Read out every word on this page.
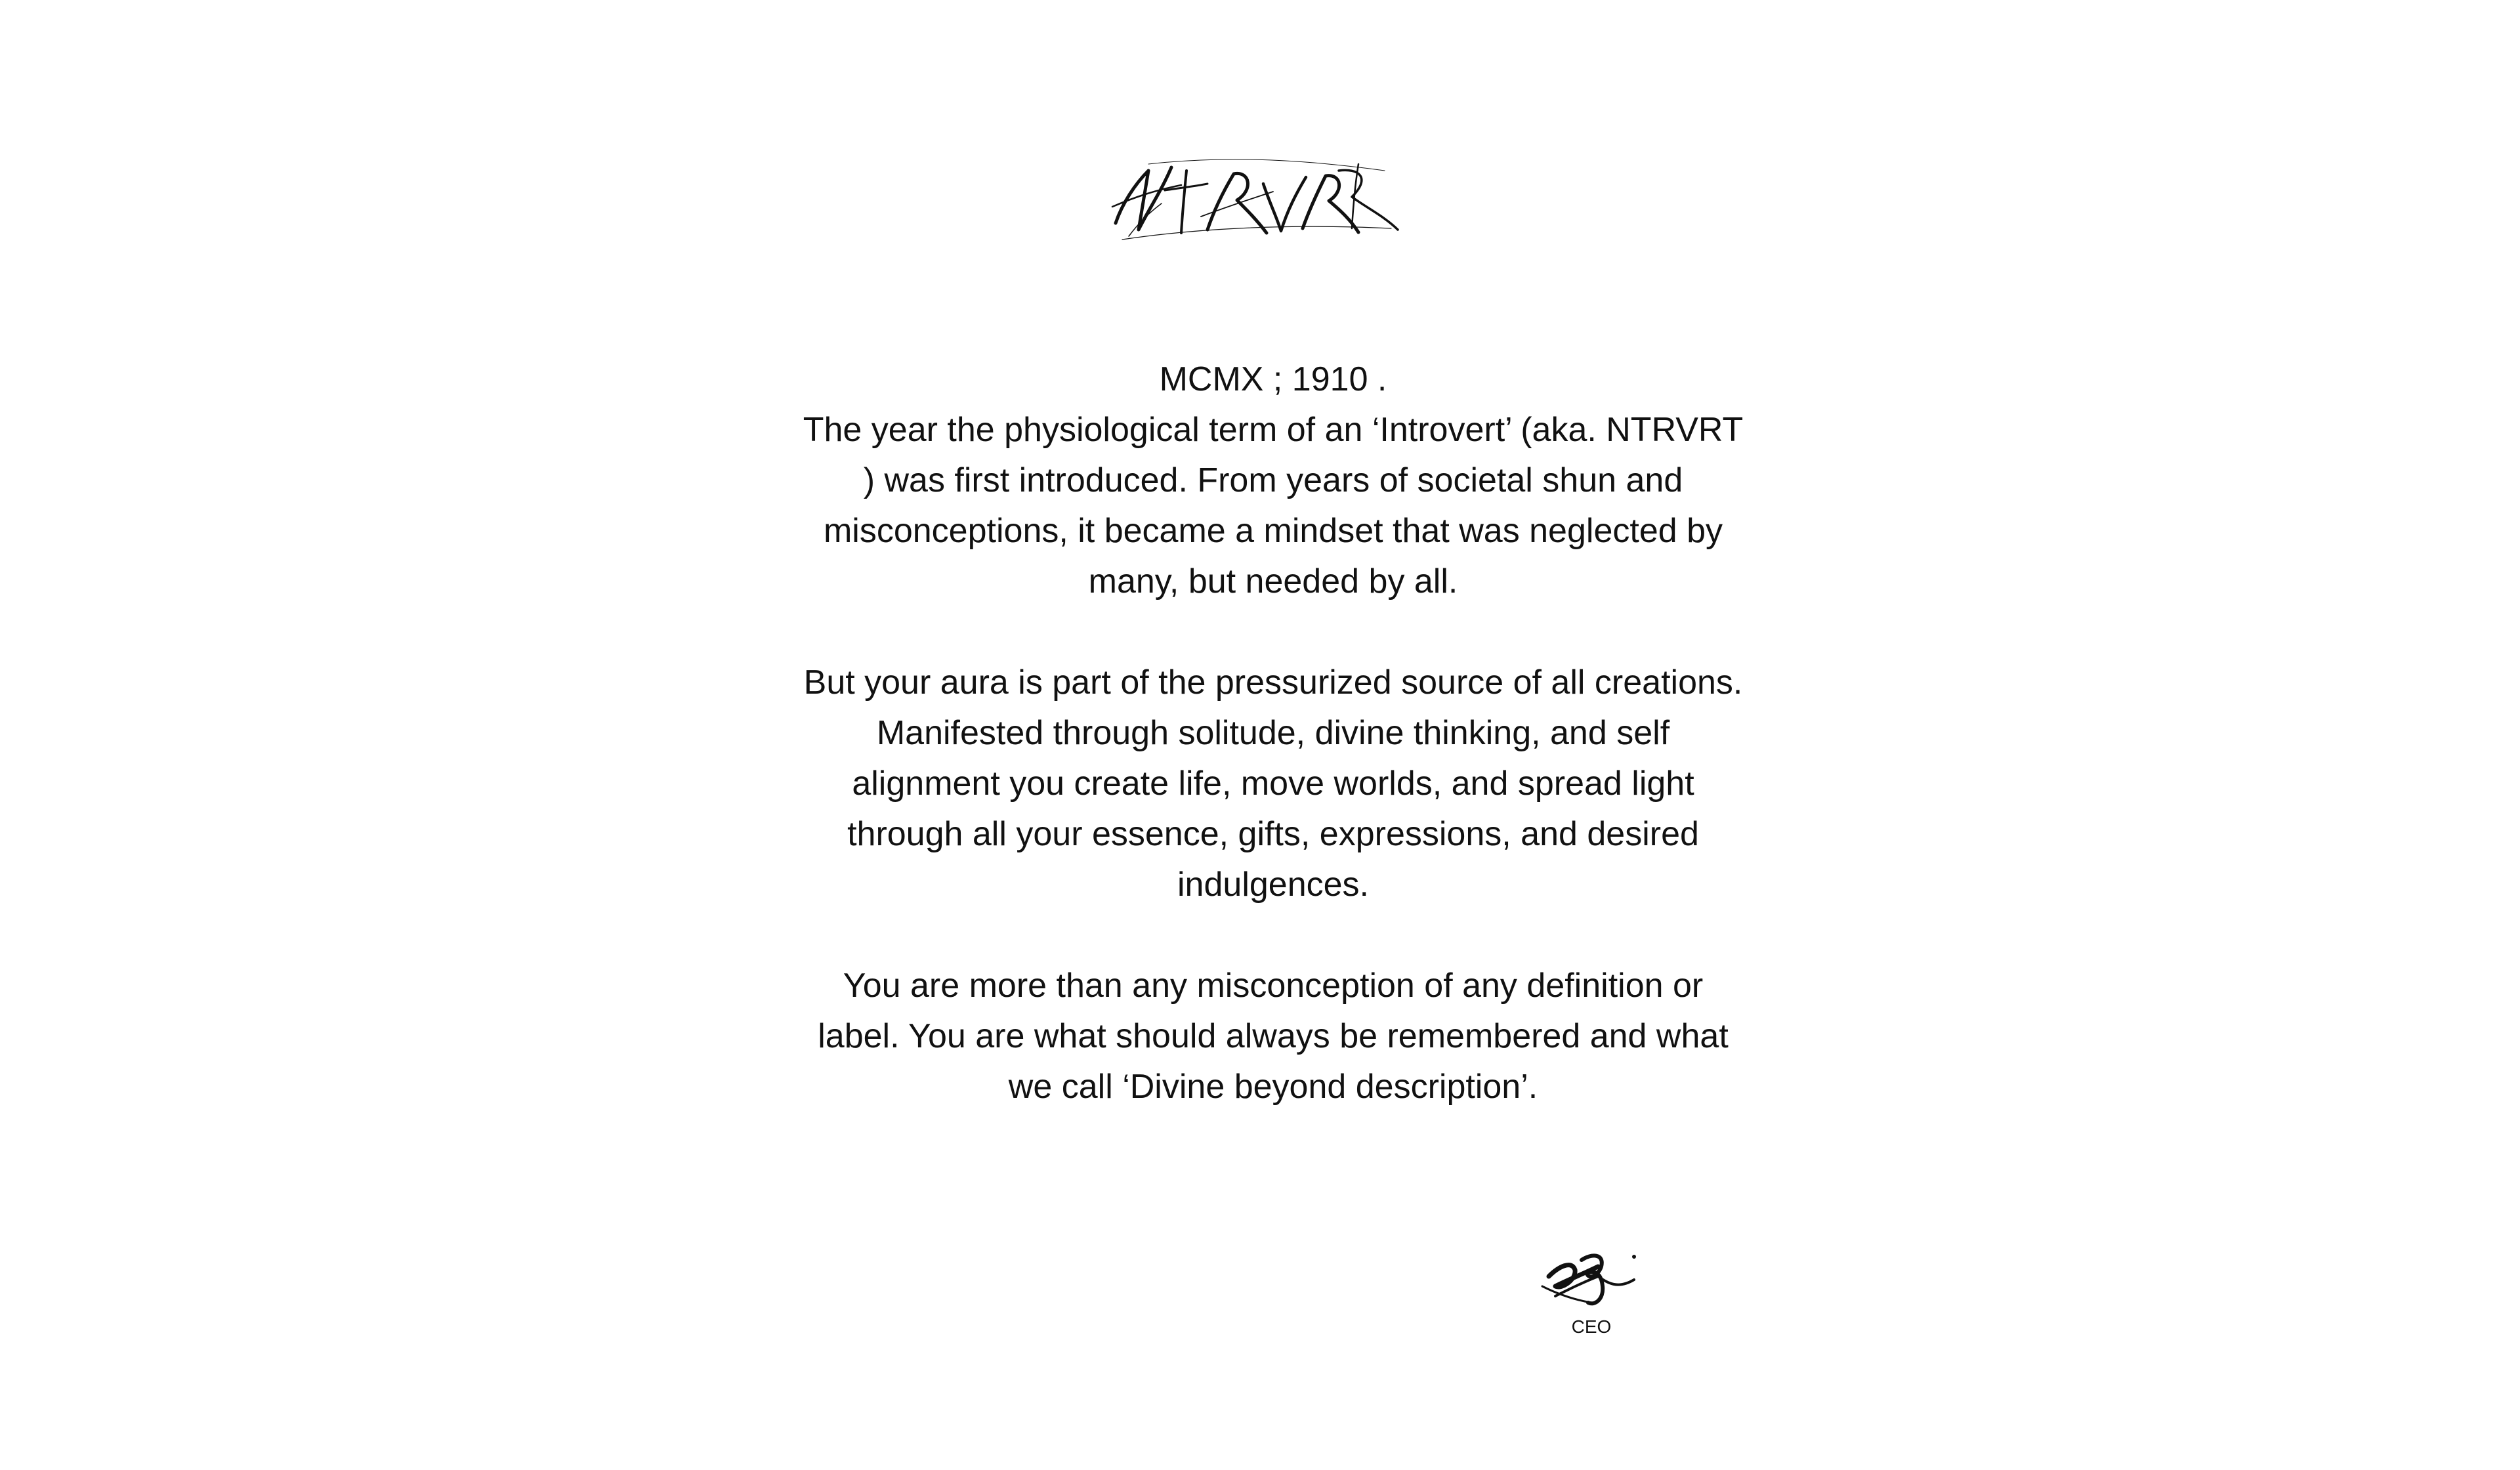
MCMX ; 1910 .
The year the physiological term of an ‘Introvert’ (aka. NTRVRT ) was first introduced. From years of societal shun and misconceptions, it became a mindset that was neglected by many, but needed by all.

But your aura is part of the pressurized source of all creations. Manifested through solitude, divine thinking, and self alignment you create life, move worlds, and spread light through all your essence, gifts, expressions, and desired indulgences.

You are more than any misconception of any definition or label. You are what should always be remembered and what we call ‘Divine beyond description’.

CEO
